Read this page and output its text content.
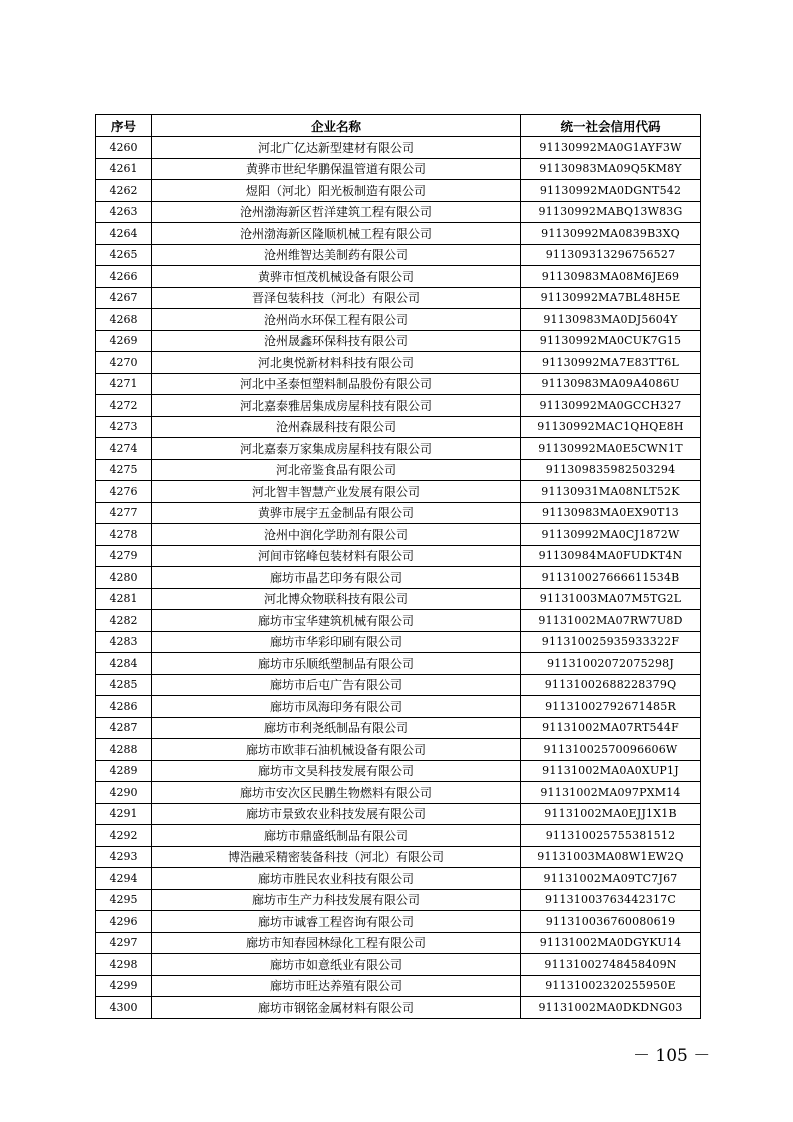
序号	企业名称	统一社会信用代码
4260	河北广亿达新型建材有限公司	91130992MA0G1AYF3W
4261	黄骅市世纪华鹏保温管道有限公司	91130983MA09Q5KM8Y
4262	煜阳（河北）阳光板制造有限公司	91130992MA0DGNT542
4263	沧州渤海新区哲洋建筑工程有限公司	91130992MABQ13W83G
4264	沧州渤海新区隆顺机械工程有限公司	91130992MA0839B3XQ
4265	沧州维智达美制药有限公司	911309313296756527
4266	黄骅市恒茂机械设备有限公司	91130983MA08M6JE69
4267	晋泽包装科技（河北）有限公司	91130992MA7BL48H5E
4268	沧州尚水环保工程有限公司	91130983MA0DJ5604Y
4269	沧州晟鑫环保科技有限公司	91130992MA0CUK7G15
4270	河北奥悦新材料科技有限公司	91130992MA7E83TT6L
4271	河北中圣泰恒塑料制品股份有限公司	91130983MA09A4086U
4272	河北嘉泰雅居集成房屋科技有限公司	91130992MA0GCCH327
4273	沧州森晟科技有限公司	91130992MAC1QHQE8H
4274	河北嘉泰万家集成房屋科技有限公司	91130992MA0E5CWN1T
4275	河北帝鉴食品有限公司	911309835982503294
4276	河北智丰智慧产业发展有限公司	91130931MA08NLT52K
4277	黄骅市展宇五金制品有限公司	91130983MA0EX90T13
4278	沧州中润化学助剂有限公司	91130992MA0CJ1872W
4279	河间市铭峰包装材料有限公司	91130984MA0FUDKT4N
4280	廊坊市晶艺印务有限公司	911310027666611534B
4281	河北博众物联科技有限公司	91131003MA07M5TG2L
4282	廊坊市宝华建筑机械有限公司	91131002MA07RW7U8D
4283	廊坊市华彩印刷有限公司	911310025935933322F
4284	廊坊市乐顺纸塑制品有限公司	91131002072075298J
4285	廊坊市后屯广告有限公司	91131002688228379Q
4286	廊坊市凤海印务有限公司	91131002792671485R
4287	廊坊市利尧纸制品有限公司	91131002MA07RT544F
4288	廊坊市欧菲石油机械设备有限公司	91131002570096606W
4289	廊坊市文昊科技发展有限公司	91131002MA0A0XUP1J
4290	廊坊市安次区民鹏生物燃料有限公司	91131002MA097PXM14
4291	廊坊市景致农业科技发展有限公司	91131002MA0EJJ1X1B
4292	廊坊市鼎盛纸制品有限公司	911310025755381512
4293	博浩融采精密装备科技（河北）有限公司	91131003MA08W1EW2Q
4294	廊坊市胜民农业科技有限公司	91131002MA09TC7J67
4295	廊坊市生产力科技发展有限公司	91131003763442317C
4296	廊坊市诚睿工程咨询有限公司	911310036760080619
4297	廊坊市知春园林绿化工程有限公司	91131002MA0DGYKU14
4298	廊坊市如意纸业有限公司	91131002748458409N
4299	廊坊市旺达养殖有限公司	91131002320255950E
4300	廊坊市钢铭金属材料有限公司	91131002MA0DKDNG03
－ 105 －
